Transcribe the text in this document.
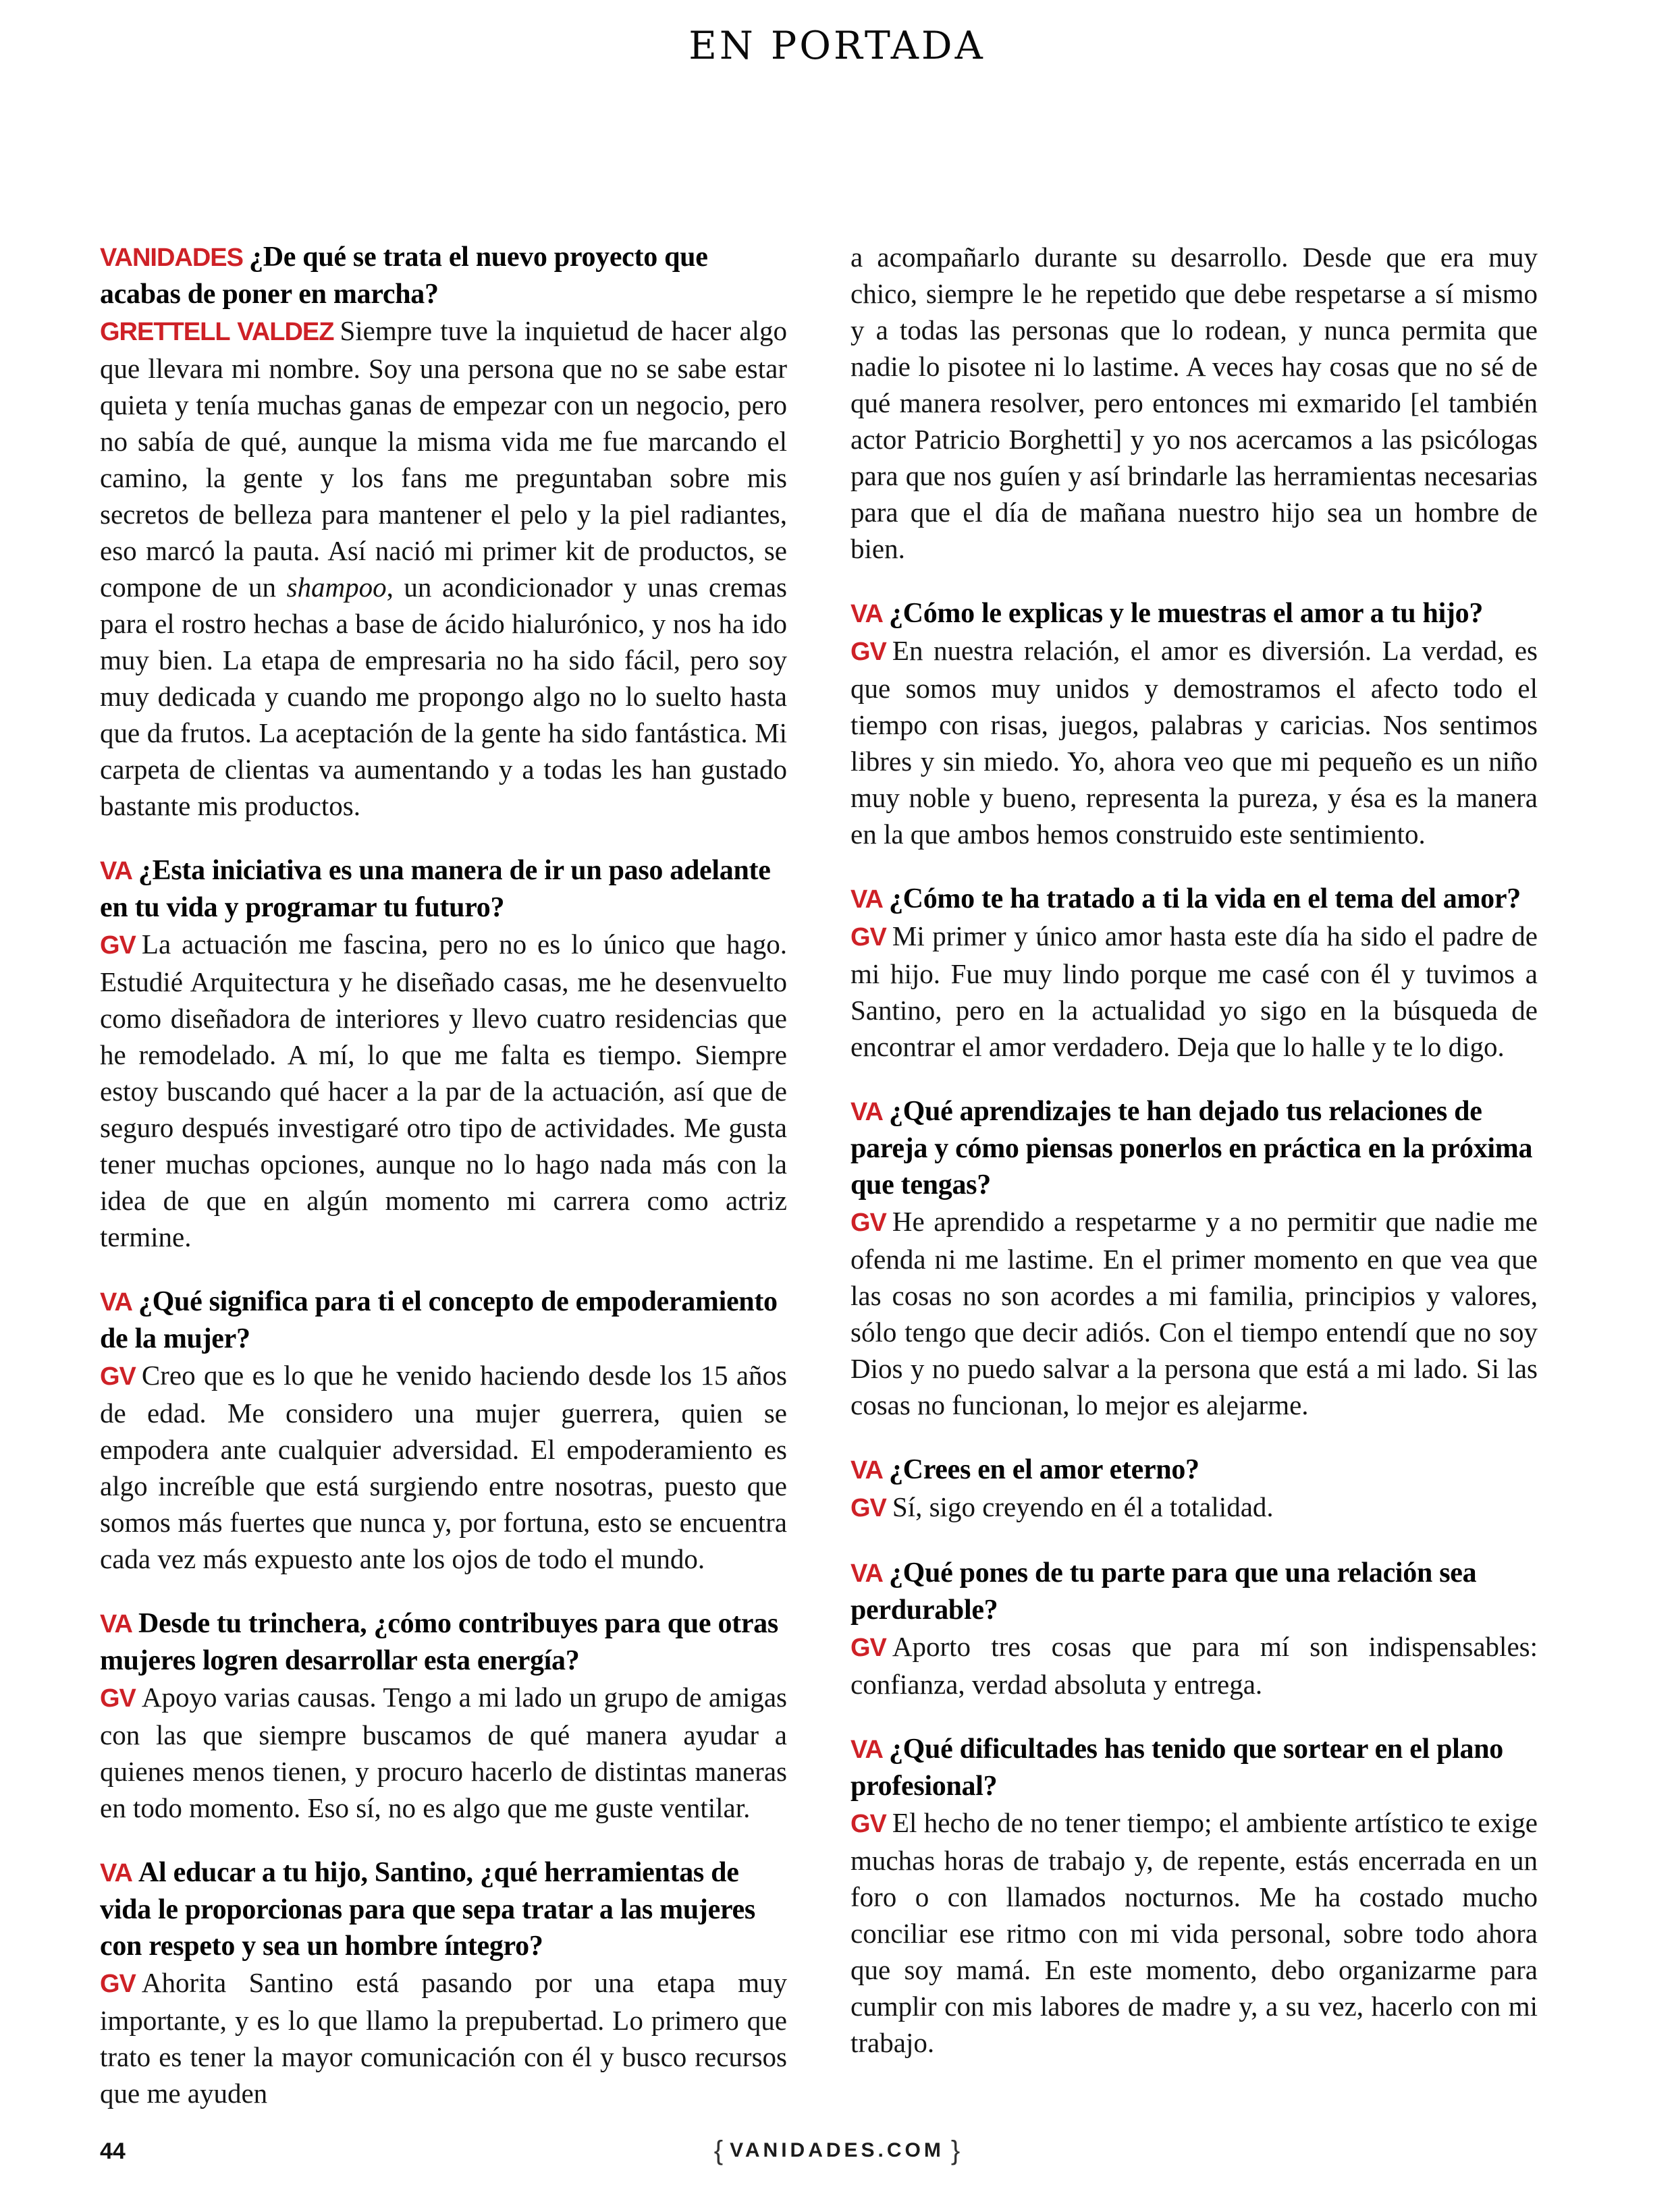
EN PORTADA

VANIDADES ¿De qué se trata el nuevo proyecto que acabas de poner en marcha?

GRETTELL VALDEZ Siempre tuve la inquietud de hacer algo que llevara mi nombre. Soy una persona que no se sabe estar quieta y tenía muchas ganas de empezar con un negocio, pero no sabía de qué, aunque la misma vida me fue marcando el camino, la gente y los fans me preguntaban sobre mis secretos de belleza para mantener el pelo y la piel radiantes, eso marcó la pauta. Así nació mi primer kit de productos, se compone de un shampoo, un acondicionador y unas cremas para el rostro hechas a base de ácido hialurónico, y nos ha ido muy bien. La etapa de empresaria no ha sido fácil, pero soy muy dedicada y cuando me propongo algo no lo suelto hasta que da frutos. La aceptación de la gente ha sido fantástica. Mi carpeta de clientas va aumentando y a todas les han gustado bastante mis productos.

VA ¿Esta iniciativa es una manera de ir un paso adelante en tu vida y programar tu futuro?

GV La actuación me fascina, pero no es lo único que hago. Estudié Arquitectura y he diseñado casas, me he desenvuelto como diseñadora de interiores y llevo cuatro residencias que he remodelado. A mí, lo que me falta es tiempo. Siempre estoy buscando qué hacer a la par de la actuación, así que de seguro después investigaré otro tipo de actividades. Me gusta tener muchas opciones, aunque no lo hago nada más con la idea de que en algún momento mi carrera como actriz termine.

VA ¿Qué significa para ti el concepto de empoderamiento de la mujer?

GV Creo que es lo que he venido haciendo desde los 15 años de edad. Me considero una mujer guerrera, quien se empodera ante cualquier adversidad. El empoderamiento es algo increíble que está surgiendo entre nosotras, puesto que somos más fuertes que nunca y, por fortuna, esto se encuentra cada vez más expuesto ante los ojos de todo el mundo.

VA Desde tu trinchera, ¿cómo contribuyes para que otras mujeres logren desarrollar esta energía?

GV Apoyo varias causas. Tengo a mi lado un grupo de amigas con las que siempre buscamos de qué manera ayudar a quienes menos tienen, y procuro hacerlo de distintas maneras en todo momento. Eso sí, no es algo que me guste ventilar.

VA Al educar a tu hijo, Santino, ¿qué herramientas de vida le proporcionas para que sepa tratar a las mujeres con respeto y sea un hombre íntegro?

GV Ahorita Santino está pasando por una etapa muy importante, y es lo que llamo la prepubertad. Lo primero que trato es tener la mayor comunicación con él y busco recursos que me ayuden

a acompañarlo durante su desarrollo. Desde que era muy chico, siempre le he repetido que debe respetarse a sí mismo y a todas las personas que lo rodean, y nunca permita que nadie lo pisotee ni lo lastime. A veces hay cosas que no sé de qué manera resolver, pero entonces mi exmarido [el también actor Patricio Borghetti] y yo nos acercamos a las psicólogas para que nos guíen y así brindarle las herramientas necesarias para que el día de mañana nuestro hijo sea un hombre de bien.

VA ¿Cómo le explicas y le muestras el amor a tu hijo?

GV En nuestra relación, el amor es diversión. La verdad, es que somos muy unidos y demostramos el afecto todo el tiempo con risas, juegos, palabras y caricias. Nos sentimos libres y sin miedo. Yo, ahora veo que mi pequeño es un niño muy noble y bueno, representa la pureza, y ésa es la manera en la que ambos hemos construido este sentimiento.

VA ¿Cómo te ha tratado a ti la vida en el tema del amor?

GV Mi primer y único amor hasta este día ha sido el padre de mi hijo. Fue muy lindo porque me casé con él y tuvimos a Santino, pero en la actualidad yo sigo en la búsqueda de encontrar el amor verdadero. Deja que lo halle y te lo digo.

VA ¿Qué aprendizajes te han dejado tus relaciones de pareja y cómo piensas ponerlos en práctica en la próxima que tengas?

GV He aprendido a respetarme y a no permitir que nadie me ofenda ni me lastime. En el primer momento en que vea que las cosas no son acordes a mi familia, principios y valores, sólo tengo que decir adiós. Con el tiempo entendí que no soy Dios y no puedo salvar a la persona que está a mi lado. Si las cosas no funcionan, lo mejor es alejarme.

VA ¿Crees en el amor eterno?

GV Sí, sigo creyendo en él a totalidad.

VA ¿Qué pones de tu parte para que una relación sea perdurable?

GV Aporto tres cosas que para mí son indispensables: confianza, verdad absoluta y entrega.

VA ¿Qué dificultades has tenido que sortear en el plano profesional?

GV El hecho de no tener tiempo; el ambiente artístico te exige muchas horas de trabajo y, de repente, estás encerrada en un foro o con llamados nocturnos. Me ha costado mucho conciliar ese ritmo con mi vida personal, sobre todo ahora que soy mamá. En este momento, debo organizarme para cumplir con mis labores de madre y, a su vez, hacerlo con mi trabajo.

44	{ VANIDADES.COM }
